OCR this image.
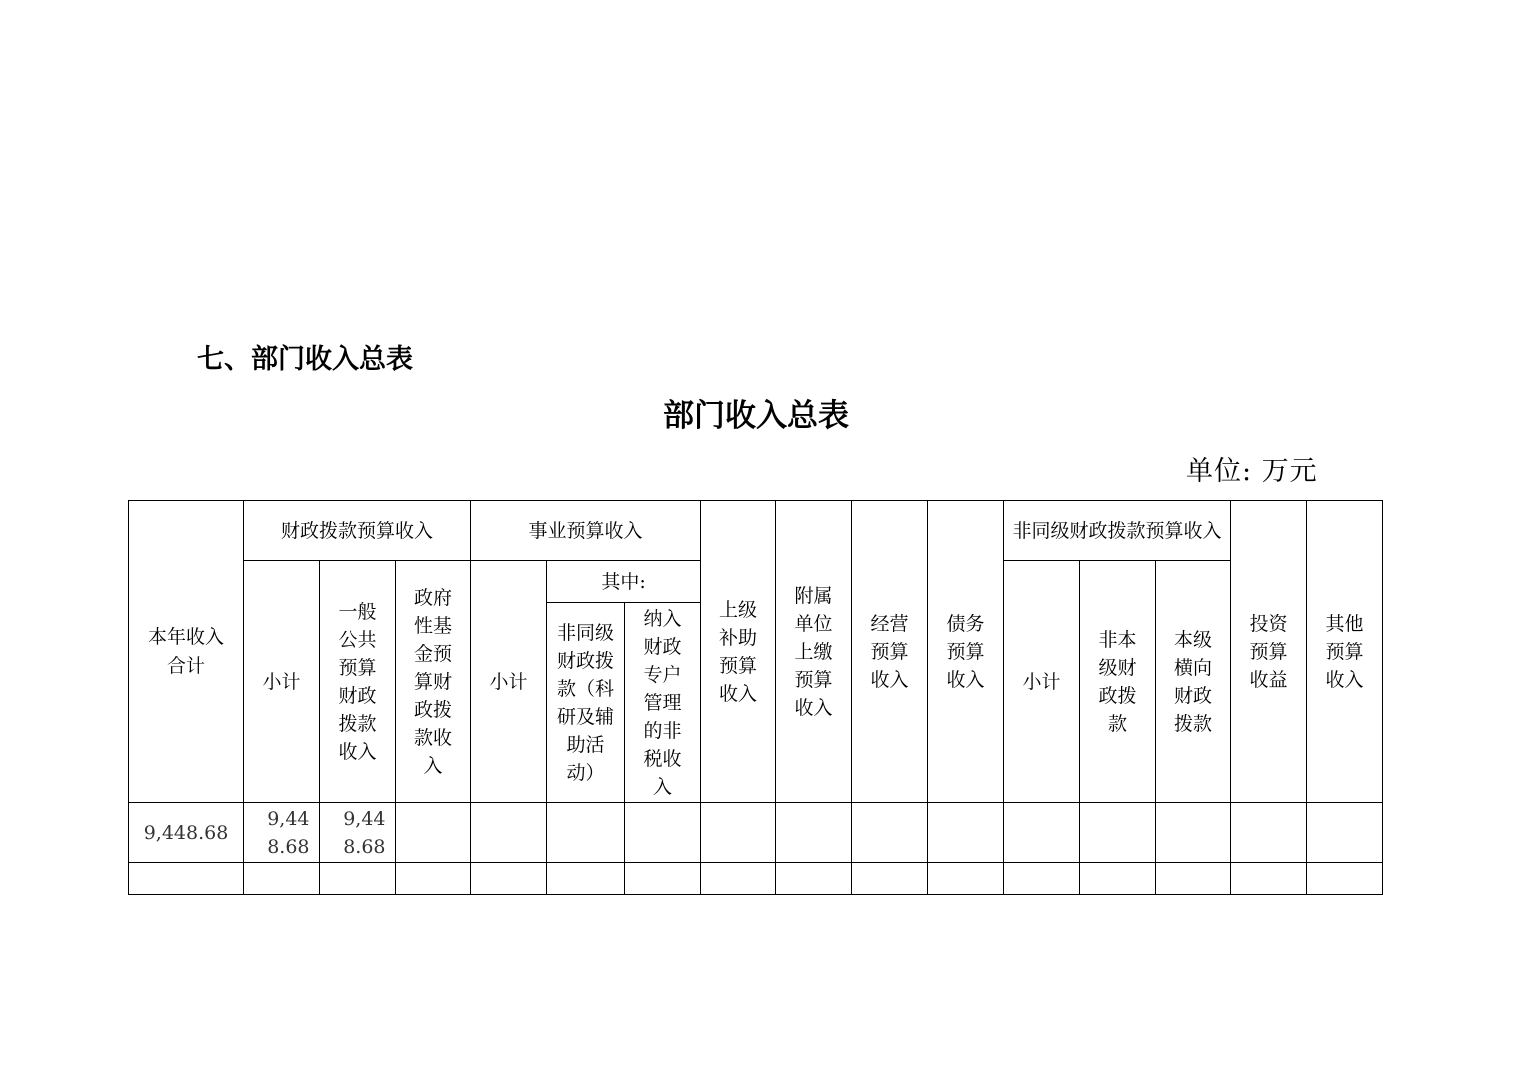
七、部门收入总表
部门收入总表
单位: 万元
本年收入合计	财政拨款预算收入			事业预算收入			上级补助预算收入	附属单位上缴预算收入	经营预算收入	债务预算收入	非同级财政拨款预算收入			投资预算收益	其他预算收入
	小计	一般公共预算财政拨款收入	政府性基金预算财政拨款收入	小计	其中:						小计	非本级财政拨款	本级横向财政拨款		
					非同级财政拨款（科研及辅助活动）	纳入财政专户管理的非税收入									
9,448.68	9,448.68	9,448.68													
